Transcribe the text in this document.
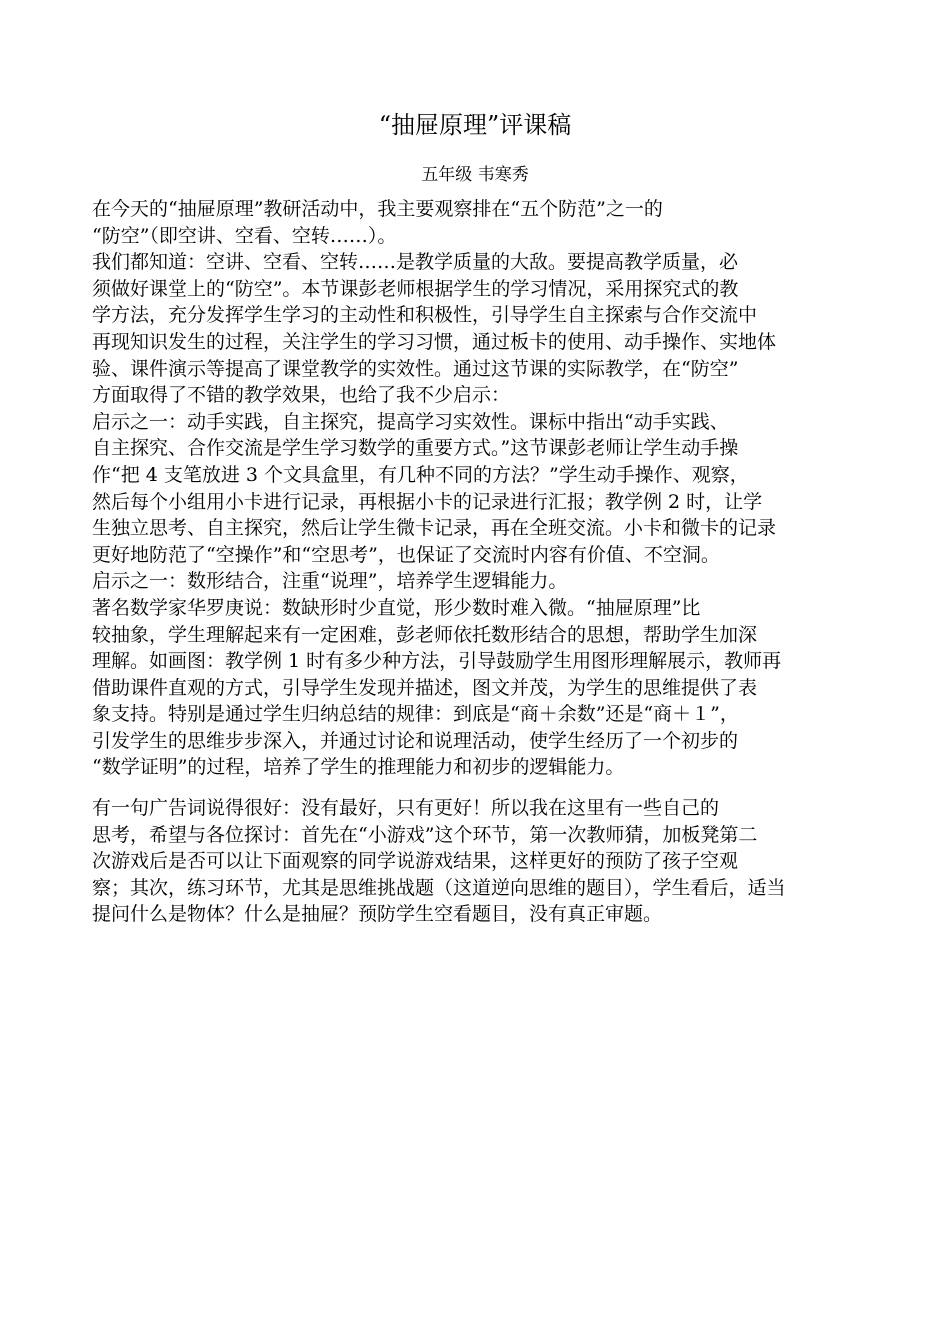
“抽屉原理”评课稿
五年级 韦寒秀
在今天的“抽屉原理”教研活动中，我主要观察排在“五个防范”之一的
“防空”（即空讲、空看、空转……）。
我们都知道：空讲、空看、空转……是教学质量的大敌。要提高教学质量，必
须做好课堂上的“防空”。本节课彭老师根据学生的学习情况，采用探究式的教
学方法，充分发挥学生学习的主动性和积极性，引导学生自主探索与合作交流中
再现知识发生的过程，关注学生的学习习惯，通过板卡的使用、动手操作、实地体
验、课件演示等提高了课堂教学的实效性。通过这节课的实际教学，在“防空”
方面取得了不错的教学效果，也给了我不少启示：
启示之一：动手实践，自主探究，提高学习实效性。课标中指出“动手实践、
自主探究、合作交流是学生学习数学的重要方式。”这节课彭老师让学生动手操
作“把 4 支笔放进 3 个文具盒里，有几种不同的方法？”学生动手操作、观察，
然后每个小组用小卡进行记录，再根据小卡的记录进行汇报；教学例 2 时，让学
生独立思考、自主探究，然后让学生微卡记录，再在全班交流。小卡和微卡的记录
更好地防范了“空操作”和“空思考”，也保证了交流时内容有价值、不空洞。
启示之一：数形结合，注重“说理”，培养学生逻辑能力。
著名数学家华罗庚说：数缺形时少直觉，形少数时难入微。“抽屉原理”比
较抽象，学生理解起来有一定困难，彭老师依托数形结合的思想，帮助学生加深
理解。如画图：教学例 1 时有多少种方法，引导鼓励学生用图形理解展示，教师再
借助课件直观的方式，引导学生发现并描述，图文并茂，为学生的思维提供了表
象支持。特别是通过学生归纳总结的规律：到底是“商＋余数”还是“商＋１”，
引发学生的思维步步深入，并通过讨论和说理活动，使学生经历了一个初步的
“数学证明”的过程，培养了学生的推理能力和初步的逻辑能力。
有一句广告词说得很好：没有最好，只有更好！所以我在这里有一些自己的
思考，希望与各位探讨：首先在“小游戏”这个环节，第一次教师猜，加板凳第二
次游戏后是否可以让下面观察的同学说游戏结果，这样更好的预防了孩子空观
察；其次，练习环节，尤其是思维挑战题（这道逆向思维的题目），学生看后，适当
提问什么是物体？什么是抽屉？预防学生空看题目，没有真正审题。
